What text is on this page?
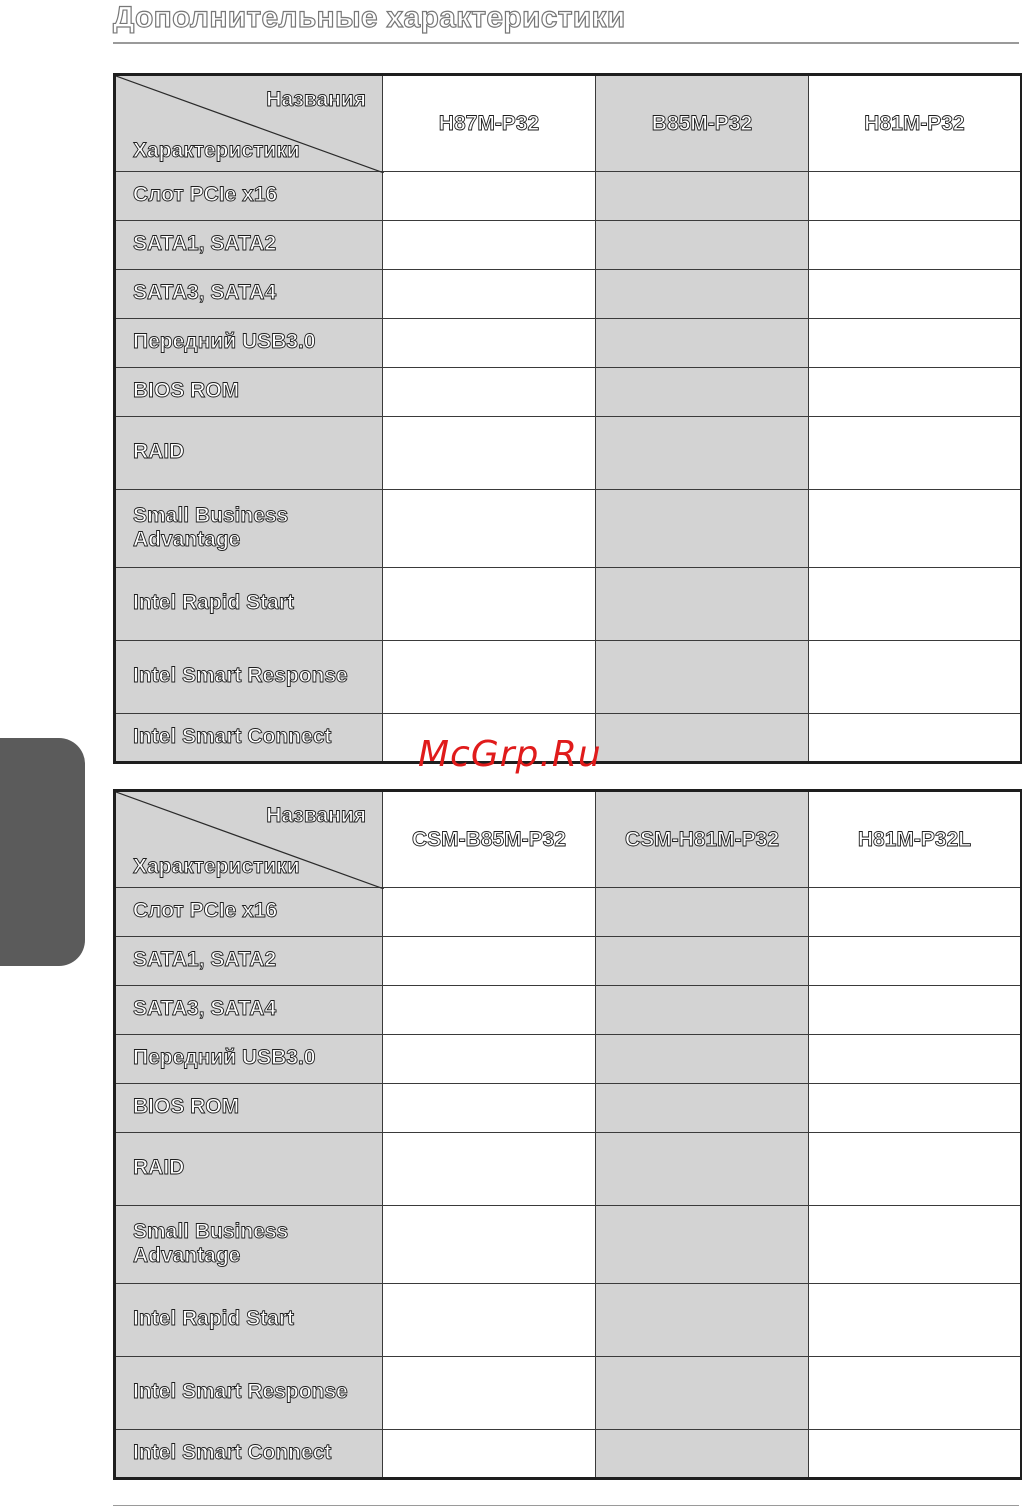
Дополнительные характеристики
Названия
Характеристики	H87M-P32	B85M-P32	H81M-P32
Слот PCIe x16			
SATA1, SATA2			
SATA3, SATA4			
Передний USB3.0			
BIOS ROM			
RAID			
Small Business Advantage			
Intel Rapid Start			
Intel Smart Response			
Intel Smart Connect			
Названия
Характеристики	CSM-B85M-P32	CSM-H81M-P32	H81M-P32L
Слот PCIe x16			
SATA1, SATA2			
SATA3, SATA4			
Передний USB3.0			
BIOS ROM			
RAID			
Small Business Advantage			
Intel Rapid Start			
Intel Smart Response			
Intel Smart Connect			
McGrp.Ru
